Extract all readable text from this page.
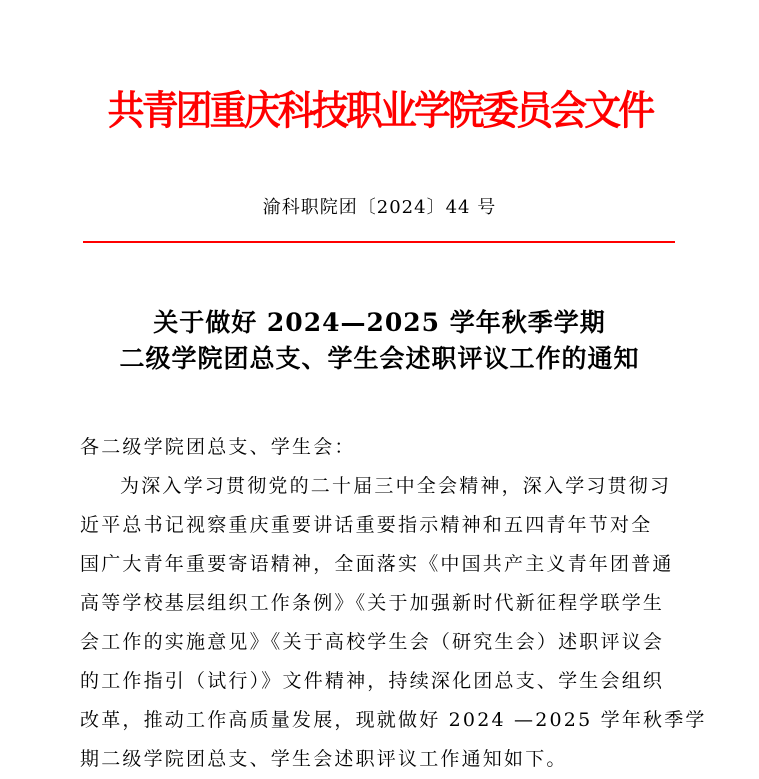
共青团重庆科技职业学院委员会文件
渝科职院团〔2024〕44 号
关于做好 2024—2025 学年秋季学期
二级学院团总支、学生会述职评议工作的通知
各二级学院团总支、学生会：
为深入学习贯彻党的二十届三中全会精神，深入学习贯彻习
近平总书记视察重庆重要讲话重要指示精神和五四青年节对全
国广大青年重要寄语精神，全面落实《中国共产主义青年团普通
高等学校基层组织工作条例》《关于加强新时代新征程学联学生
会工作的实施意见》《关于高校学生会（研究生会）述职评议会
的工作指引（试行）》文件精神，持续深化团总支、学生会组织
改革，推动工作高质量发展，现就做好 2024 —2025 学年秋季学
期二级学院团总支、学生会述职评议工作通知如下。
